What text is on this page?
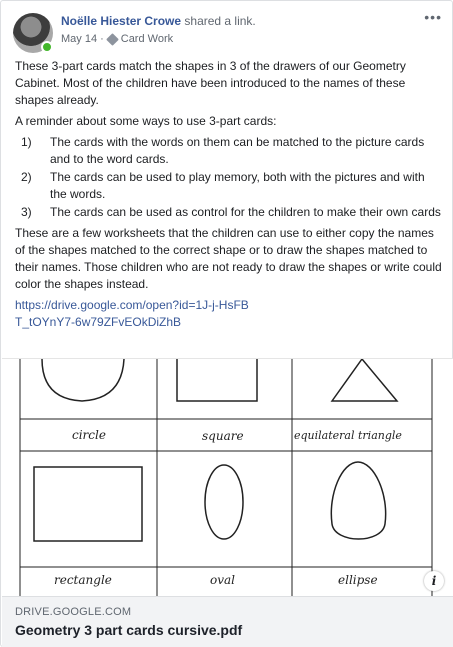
Noëlle Hiester Crowe shared a link.
May 14 · Card Work
•••

These 3-part cards match the shapes in 3 of the drawers of our Geometry Cabinet. Most of the children have been introduced to the names of these shapes already.

A reminder about some ways to use 3-part cards:

1) The cards with the words on them can be matched to the picture cards and to the word cards.
2) The cards can be used to play memory, both with the pictures and with the words.
3) The cards can be used as control for the children to make their own cards

These are a few worksheets that the children can use to either copy the names of the shapes matched to the correct shape or to draw the shapes matched to their names. Those children who are not ready to draw the shapes or write could color the shapes instead.

https://drive.google.com/open?id=1J-j-HsFBT_tOYnY7-6w79ZFvEOkDiZhB
circle	square	equilateral triangle
rectangle	oval	ellipse	i
DRIVE.GOOGLE.COM
Geometry 3 part cards cursive.pdf
